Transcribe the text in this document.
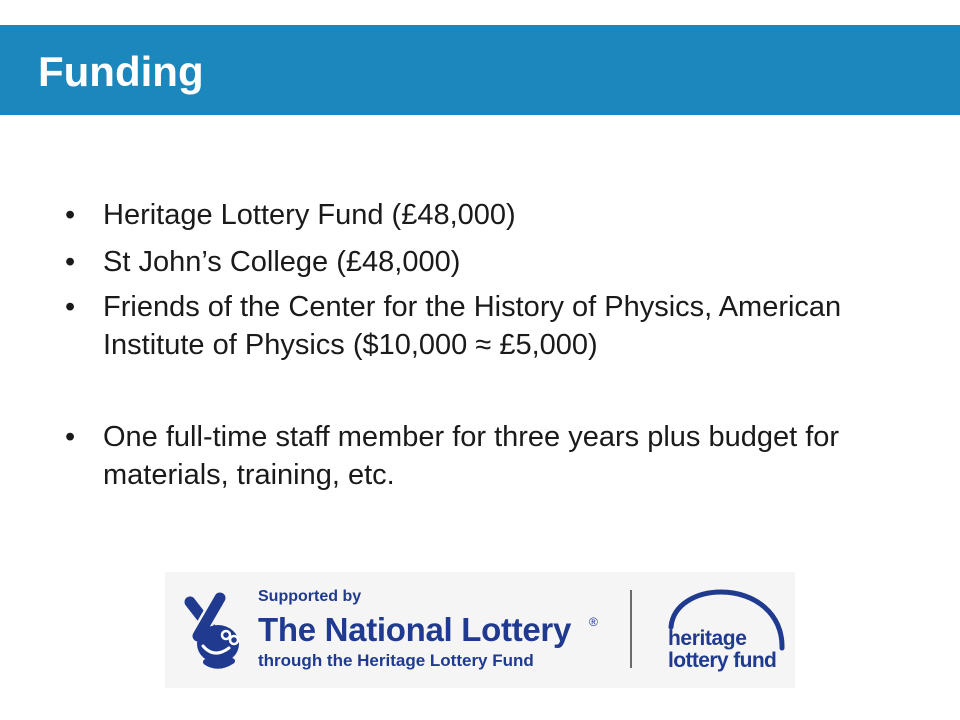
Funding
• Heritage Lottery Fund (£48,000)
• St John’s College (£48,000)
• Friends of the Center for the History of Physics, American Institute of Physics ($10,000 ≈ £5,000)
• One full-time staff member for three years plus budget for materials, training, etc.
Supported by
The National Lottery ®
through the Heritage Lottery Fund
heritage
lottery fund
